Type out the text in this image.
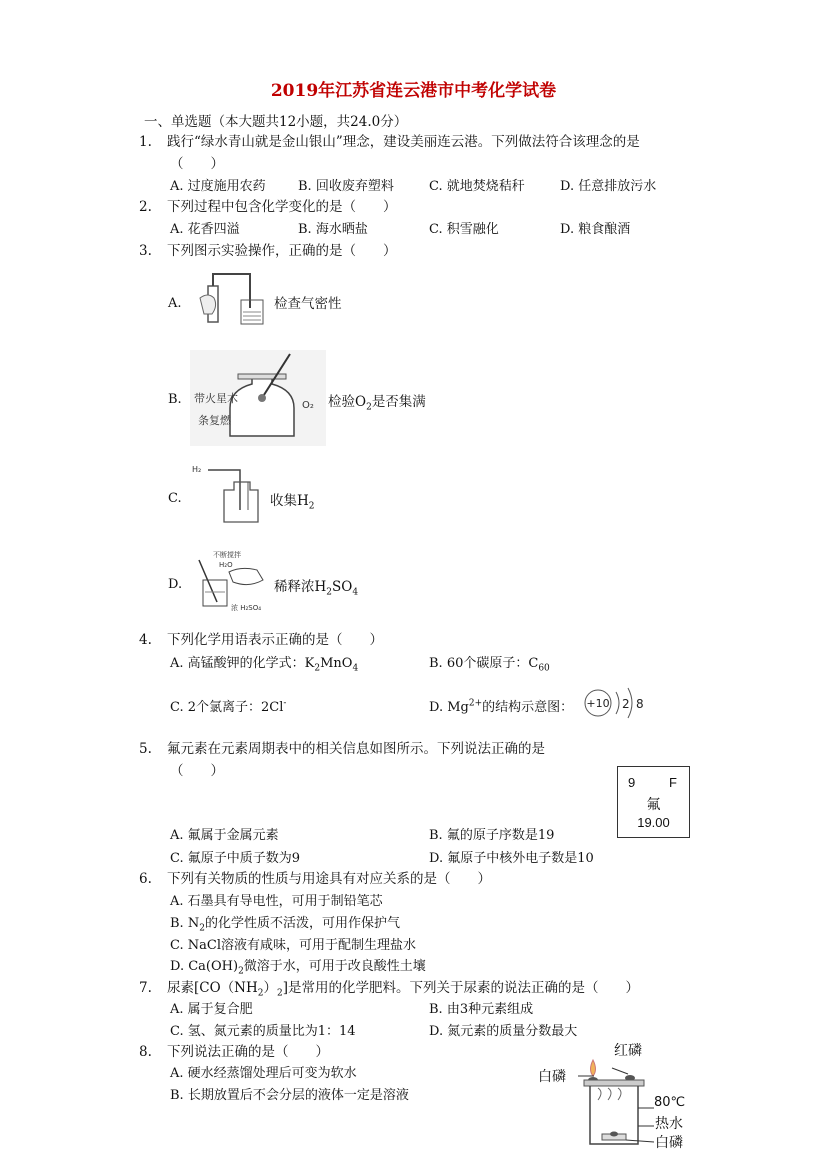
2019年江苏省连云港市中考化学试卷
一、单选题（本大题共12小题，共24.0分）
1. 践行“绿水青山就是金山银山”理念，建设美丽连云港。下列做法符合该理念的是
（　　）
A. 过度施用农药 B. 回收废弃塑料	C. 就地焚烧秸秆	D. 任意排放污水
2. 下列过程中包含化学变化的是（　　）
A. 花香四溢	B. 海水晒盐	C. 积雪融化	D. 粮食酿酒
3. 下列图示实验操作，正确的是（　　）
A.	检查气密性
B.	O₂
带火星木
条复燃
检验$O_2$是否集满
C.
H₂
收集$H_2$
D.
不断搅拌
H₂O
浓 H₂SO₄
稀释浓$H_2SO_4$
4. 下列化学用语表示正确的是（　　）
A. 高锰酸钾的化学式：$K_2MnO_4$	B. 60个碳原子：$C_{60}$
C. 2个氯离子：2Cl-	D. $Mg^{2+}$的结构示意图： +10 2 8
5. 氟元素在元素周期表中的相关信息如图所示。下列说法正确的是
（　　）
9	F
氟
19.00
A. 氟属于金属元素	B. 氟的原子序数是19
C. 氟原子中质子数为9	D. 氟原子中核外电子数是10
6. 下列有关物质的性质与用途具有对应关系的是（　　）
A. 石墨具有导电性，可用于制铅笔芯
B. $N_2$的化学性质不活泼，可用作保护气
C. NaCl溶液有咸味，可用于配制生理盐水
D. $Ca(OH)_2$微溶于水，可用于改良酸性土壤
7. 尿素$[CO(NH_2)_2]$是常用的化学肥料。下列关于尿素的说法正确的是（　　）
A. 属于复合肥	B. 由3种元素组成
C. 氢、氮元素的质量比为1：14	D. 氮元素的质量分数最大
8. 下列说法正确的是（　　）
A. 硬水经蒸馏处理后可变为软水
B. 长期放置后不会分层的液体一定是溶液
红磷
白磷
80℃
热水
白磷
